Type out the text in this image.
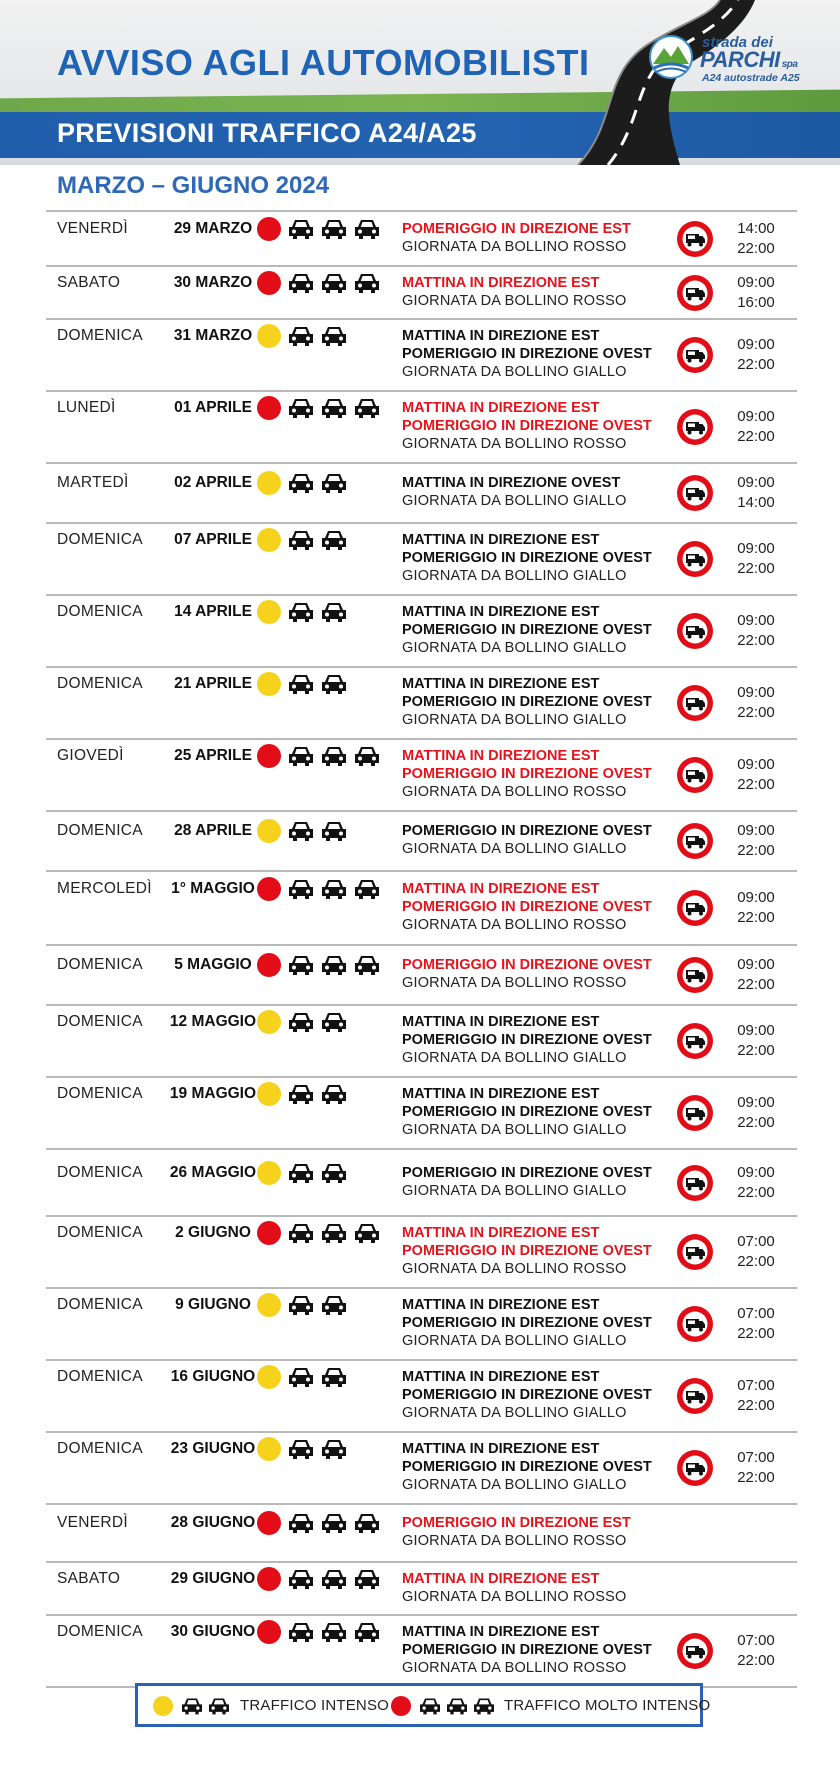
AVVISO AGLI AUTOMOBILISTI
PREVISIONI TRAFFICO A24/A25
strada dei
PARCHI spa
A24 autostrade A25
MARZO – GIUGNO 2024
VENERDÌ	29 MARZO	POMERIGGIO IN DIREZIONE EST
GIORNATA DA BOLLINO ROSSO
14:00
22:00
SABATO	30 MARZO	MATTINA IN DIREZIONE EST
GIORNATA DA BOLLINO ROSSO
09:00
16:00
DOMENICA	31 MARZO	MATTINA IN DIREZIONE EST
POMERIGGIO IN DIREZIONE OVEST
GIORNATA DA BOLLINO GIALLO
09:00
22:00
LUNEDÌ	01 APRILE	MATTINA IN DIREZIONE EST
POMERIGGIO IN DIREZIONE OVEST
GIORNATA DA BOLLINO ROSSO
09:00
22:00
MARTEDÌ	02 APRILE	MATTINA IN DIREZIONE OVEST
GIORNATA DA BOLLINO GIALLO
09:00
14:00
DOMENICA	07 APRILE	MATTINA IN DIREZIONE EST
POMERIGGIO IN DIREZIONE OVEST
GIORNATA DA BOLLINO GIALLO
09:00
22:00
DOMENICA	14 APRILE	MATTINA IN DIREZIONE EST
POMERIGGIO IN DIREZIONE OVEST
GIORNATA DA BOLLINO GIALLO
09:00
22:00
DOMENICA	21 APRILE	MATTINA IN DIREZIONE EST
POMERIGGIO IN DIREZIONE OVEST
GIORNATA DA BOLLINO GIALLO
09:00
22:00
GIOVEDÌ	25 APRILE	MATTINA IN DIREZIONE EST
POMERIGGIO IN DIREZIONE OVEST
GIORNATA DA BOLLINO ROSSO
09:00
22:00
DOMENICA	28 APRILE	POMERIGGIO IN DIREZIONE OVEST
GIORNATA DA BOLLINO GIALLO
09:00
22:00
MERCOLEDÌ	1° MAGGIO	MATTINA IN DIREZIONE EST
POMERIGGIO IN DIREZIONE OVEST
GIORNATA DA BOLLINO ROSSO
09:00
22:00
DOMENICA	5 MAGGIO	POMERIGGIO IN DIREZIONE OVEST
GIORNATA DA BOLLINO ROSSO
09:00
22:00
DOMENICA	12 MAGGIO	MATTINA IN DIREZIONE EST
POMERIGGIO IN DIREZIONE OVEST
GIORNATA DA BOLLINO GIALLO
09:00
22:00
DOMENICA	19 MAGGIO	MATTINA IN DIREZIONE EST
POMERIGGIO IN DIREZIONE OVEST
GIORNATA DA BOLLINO GIALLO
09:00
22:00
DOMENICA	26 MAGGIO	POMERIGGIO IN DIREZIONE OVEST
GIORNATA DA BOLLINO GIALLO
09:00
22:00
DOMENICA	2 GIUGNO	MATTINA IN DIREZIONE EST
POMERIGGIO IN DIREZIONE OVEST
GIORNATA DA BOLLINO ROSSO
07:00
22:00
DOMENICA	9 GIUGNO	MATTINA IN DIREZIONE EST
POMERIGGIO IN DIREZIONE OVEST
GIORNATA DA BOLLINO GIALLO
07:00
22:00
DOMENICA	16 GIUGNO	MATTINA IN DIREZIONE EST
POMERIGGIO IN DIREZIONE OVEST
GIORNATA DA BOLLINO GIALLO
07:00
22:00
DOMENICA	23 GIUGNO	MATTINA IN DIREZIONE EST
POMERIGGIO IN DIREZIONE OVEST
GIORNATA DA BOLLINO GIALLO
07:00
22:00
VENERDÌ	28 GIUGNO	POMERIGGIO IN DIREZIONE EST
GIORNATA DA BOLLINO ROSSO
SABATO	29 GIUGNO	MATTINA IN DIREZIONE EST
GIORNATA DA BOLLINO ROSSO
DOMENICA	30 GIUGNO	MATTINA IN DIREZIONE EST
POMERIGGIO IN DIREZIONE OVEST
GIORNATA DA BOLLINO ROSSO
07:00
22:00
TRAFFICO INTENSO	TRAFFICO MOLTO INTENSO
